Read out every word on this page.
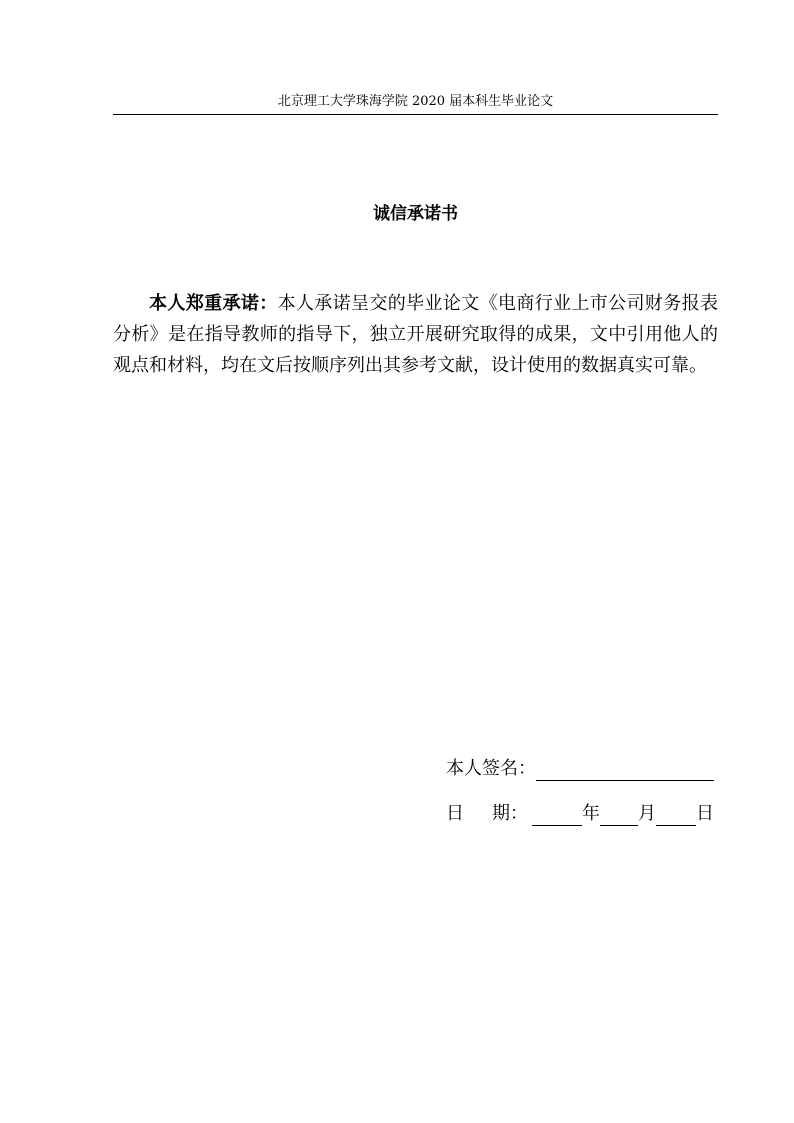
北京理工大学珠海学院 2020 届本科生毕业论文
诚信承诺书

本人郑重承诺：本人承诺呈交的毕业论文《电商行业上市公司财务报表分析》是在指导教师的指导下，独立开展研究取得的成果，文中引用他人的观点和材料，均在文后按顺序列出其参考文献，设计使用的数据真实可靠。

本人签名：
日 期：	年 月 日
